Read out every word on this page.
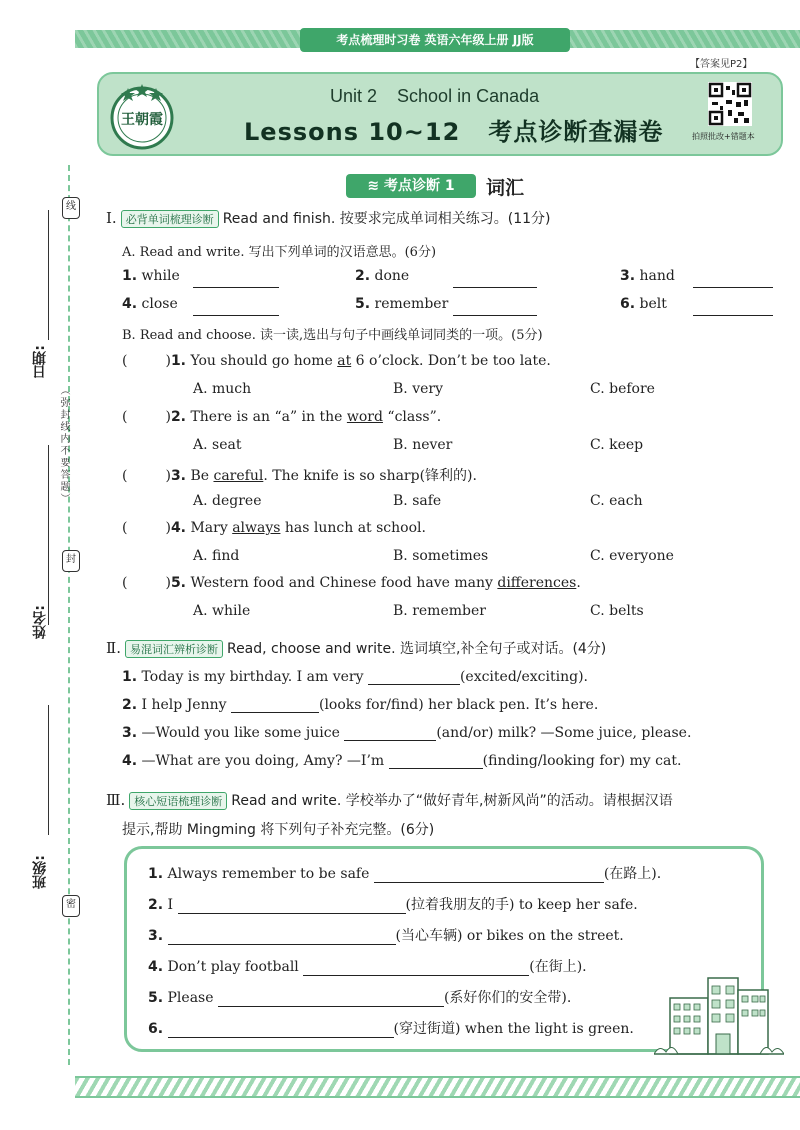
考点梳理时习卷 英语六年级上册 JJ版
【答案见P2】
王朝霞
Unit 2    School in Canada
Lessons 10~12   考点诊断查漏卷	拍照批改+错题本
日期:
姓名:
班级:
（弥封线内不要答题）
线
封
密
≋ 考点诊断 1	词汇
Ⅰ. 必背单词梳理诊断 Read and finish. 按要求完成单词相关练习。(11分)
A. Read and write. 写出下列单词的汉语意思。(6分)
1. while	2. done	3. hand
4. close	5. remember	6. belt
B. Read and choose. 读一读,选出与句子中画线单词同类的一项。(5分)
(	)1. You should go home at 6 o’clock. Don’t be too late.
A. much	B. very	C. before
(	)2. There is an “a” in the word “class”.
A. seat	B. never	C. keep
(	)3. Be careful. The knife is so sharp(锋利的).
A. degree	B. safe	C. each
(	)4. Mary always has lunch at school.
A. find	B. sometimes	C. everyone
(	)5. Western food and Chinese food have many differences.
A. while	B. remember	C. belts
Ⅱ. 易混词汇辨析诊断 Read, choose and write. 选词填空,补全句子或对话。(4分)
1. Today is my birthday. I am very	(excited/exciting).
2. I help Jenny	(looks for/find) her black pen. It’s here.
3. —Would you like some juice	(and/or) milk? —Some juice, please.
4. —What are you doing, Amy? —I’m	(finding/looking for) my cat.
Ⅲ. 核心短语梳理诊断 Read and write. 学校举办了“做好青年,树新风尚”的活动。请根据汉语
提示,帮助 Mingming 将下列句子补充完整。(6分)
1. Always remember to be safe	(在路上).
2. I	(拉着我朋友的手) to keep her safe.
3.	(当心车辆) or bikes on the street.
4. Don’t play football	(在街上).
5. Please	(系好你们的安全带).
6.	(穿过街道) when the light is green.
